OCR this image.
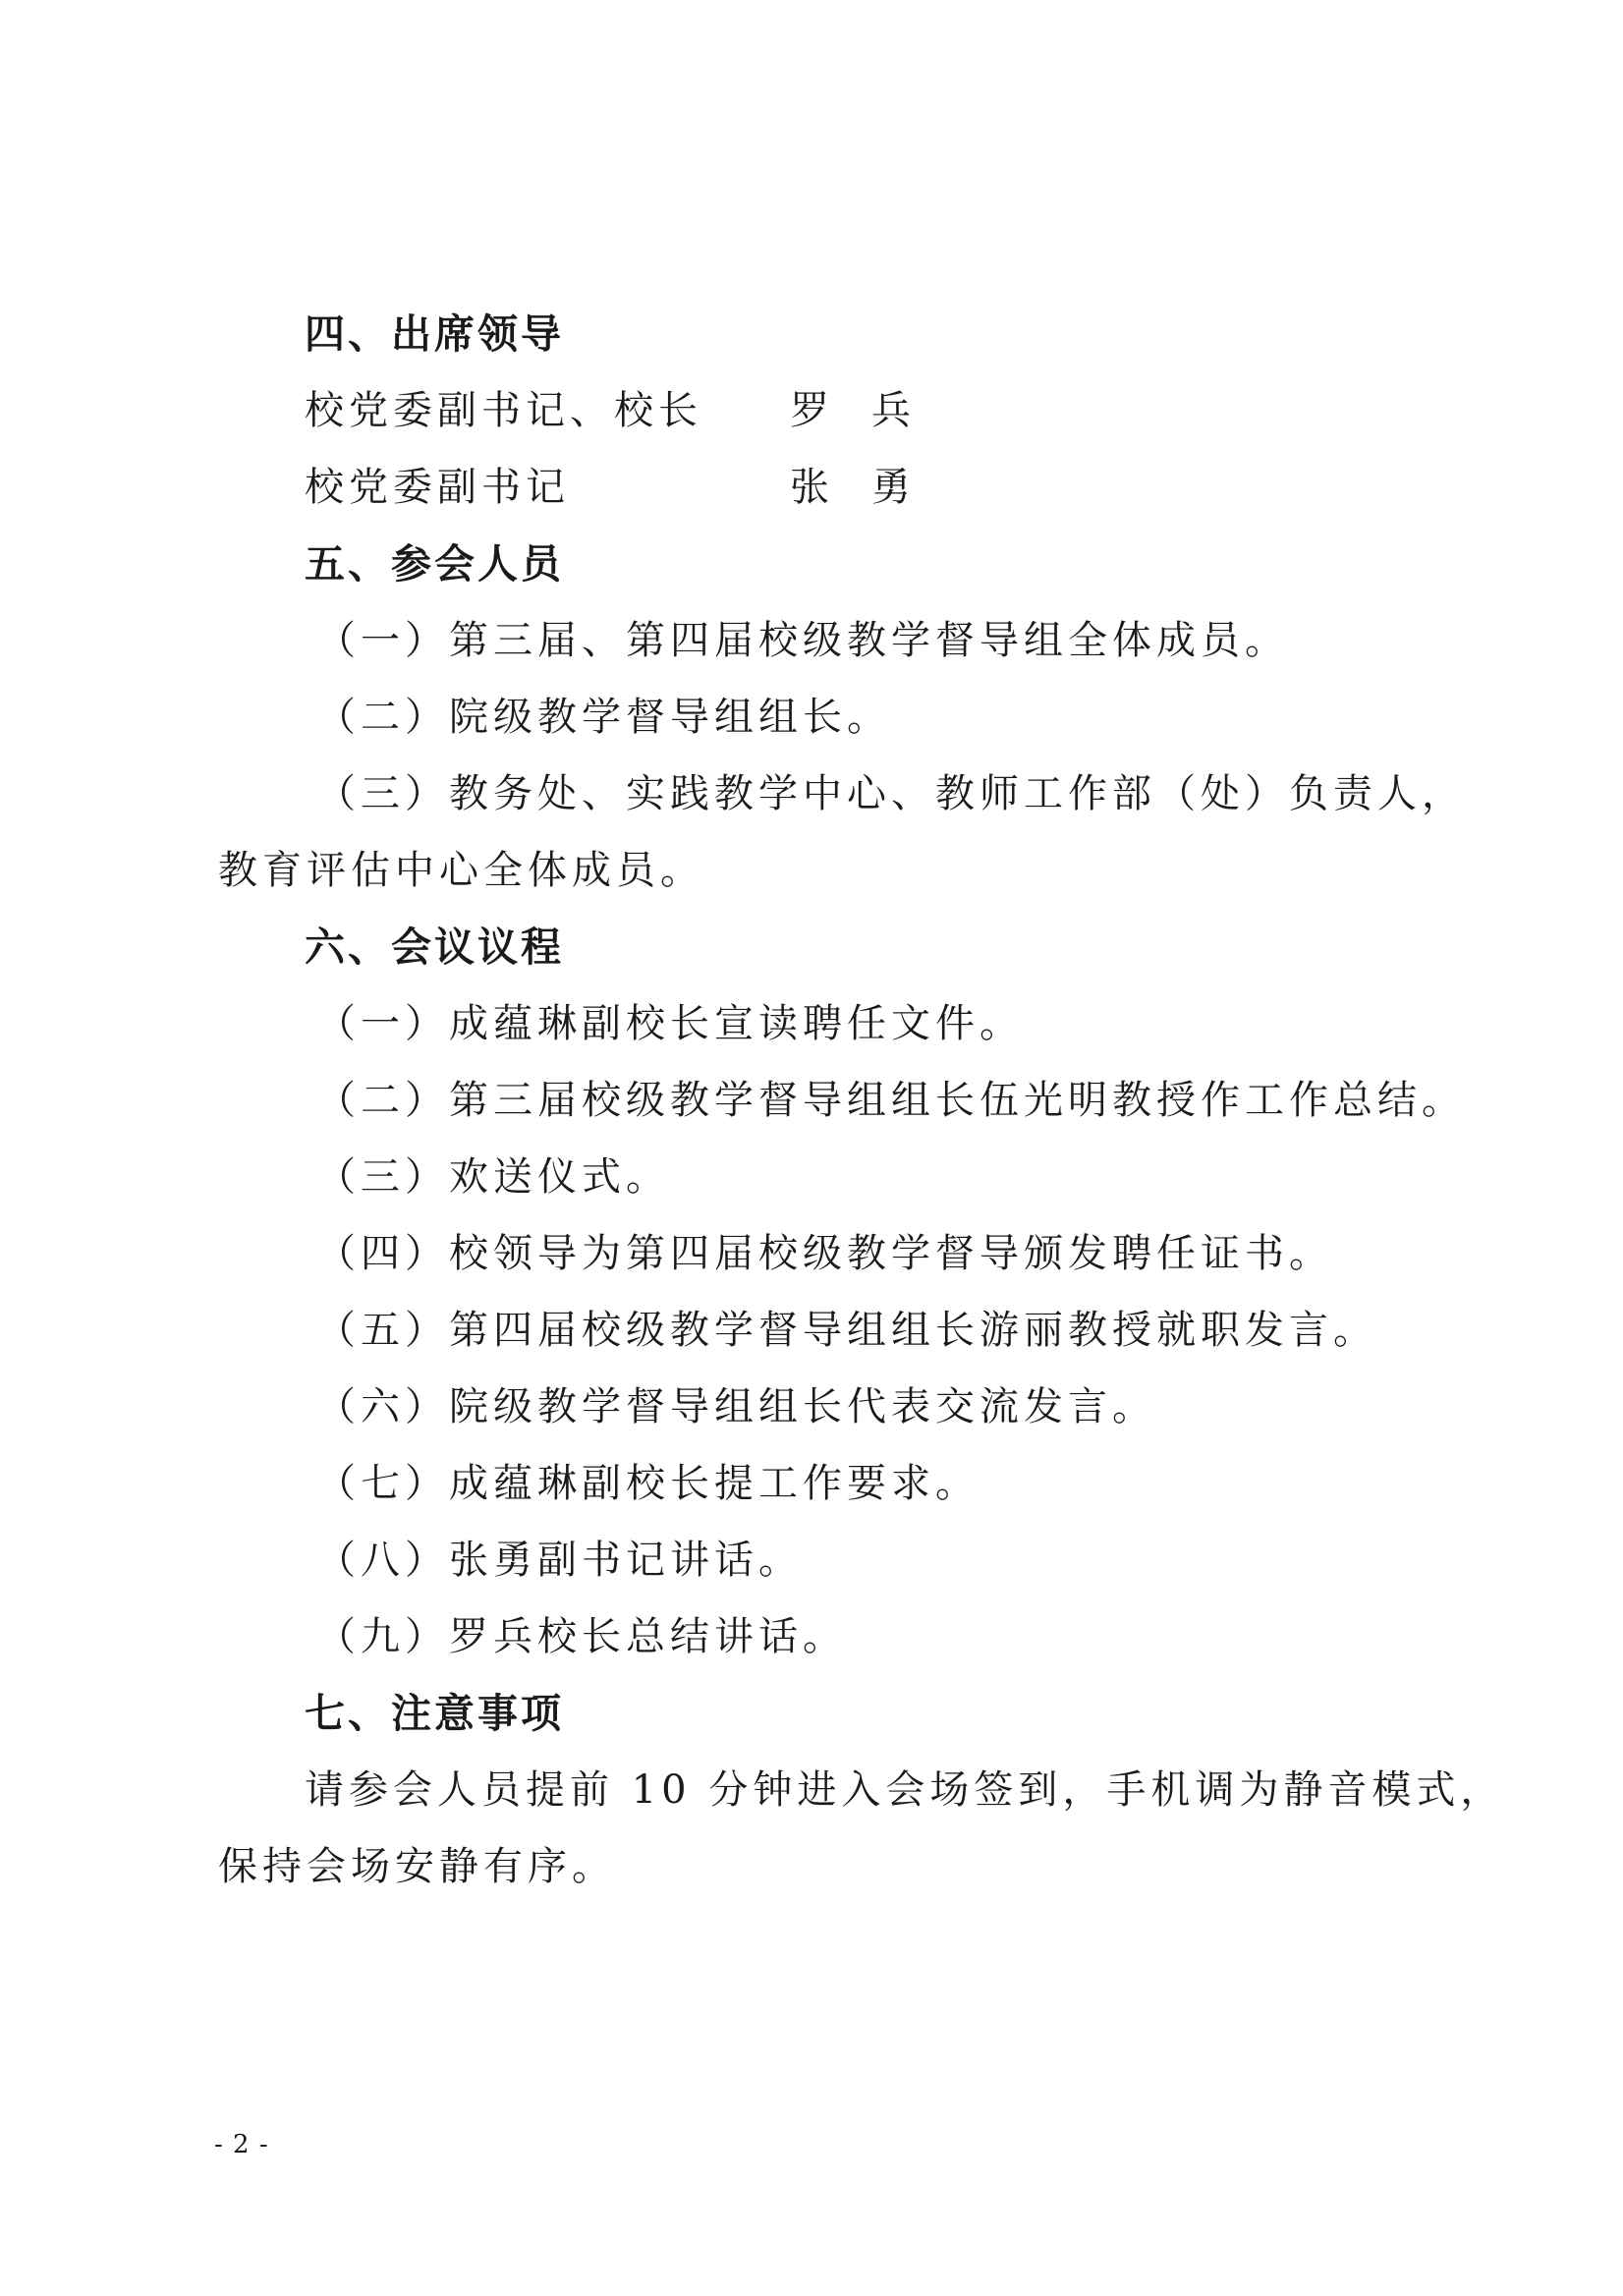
四、出席领导
校党委副书记、校长 罗 兵
校党委副书记	张 勇
五、参会人员
（一）第三届、第四届校级教学督导组全体成员。
（二）院级教学督导组组长。
（三）教务处、实践教学中心、教师工作部（处）负责人，
教育评估中心全体成员。
六、会议议程
（一）成蕴琳副校长宣读聘任文件。
（二）第三届校级教学督导组组长伍光明教授作工作总结。
（三）欢送仪式。
（四）校领导为第四届校级教学督导颁发聘任证书。
（五）第四届校级教学督导组组长游丽教授就职发言。
（六）院级教学督导组组长代表交流发言。
（七）成蕴琳副校长提工作要求。
（八）张勇副书记讲话。
（九）罗兵校长总结讲话。
七、注意事项
请参会人员提前 10 分钟进入会场签到，手机调为静音模式，
保持会场安静有序。
- 2 -
